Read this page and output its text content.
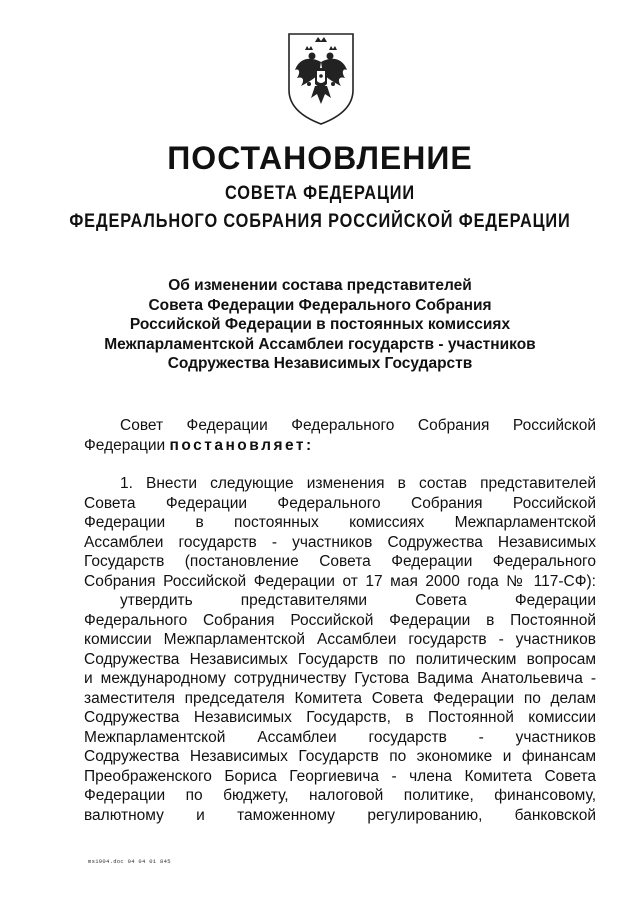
ПОСТАНОВЛЕНИЕ
СОВЕТА ФЕДЕРАЦИИ
ФЕДЕРАЛЬНОГО СОБРАНИЯ РОССИЙСКОЙ ФЕДЕРАЦИИ
Об изменении состава представителей
Совета Федерации Федерального Собрания
Российской Федерации в постоянных комиссиях
Межпарламентской Ассамблеи государств - участников
Содружества Независимых Государств
Совет Федерации Федерального Собрания Российской
Федерации постановляет:
1. Внести следующие изменения в состав представителей
Совета Федерации Федерального Собрания Российской
Федерации в постоянных комиссиях Межпарламентской
Ассамблеи государств - участников Содружества Независимых
Государств (постановление Совета Федерации Федерального
Собрания Российской Федерации от 17 мая 2000 года № 117-СФ):
утвердить представителями Совета Федерации
Федерального Собрания Российской Федерации в Постоянной
комиссии Межпарламентской Ассамблеи государств - участников
Содружества Независимых Государств по политическим вопросам
и международному сотрудничеству Густова Вадима Анатольевича -
заместителя председателя Комитета Совета Федерации по делам
Содружества Независимых Государств, в Постоянной комиссии
Межпарламентской Ассамблеи государств - участников
Содружества Независимых Государств по экономике и финансам
Преображенского Бориса Георгиевича - члена Комитета Совета
Федерации по бюджету, налоговой политике, финансовому,
валютному и таможенному регулированию, банковской
ms1904.doc 04 04 01 845
